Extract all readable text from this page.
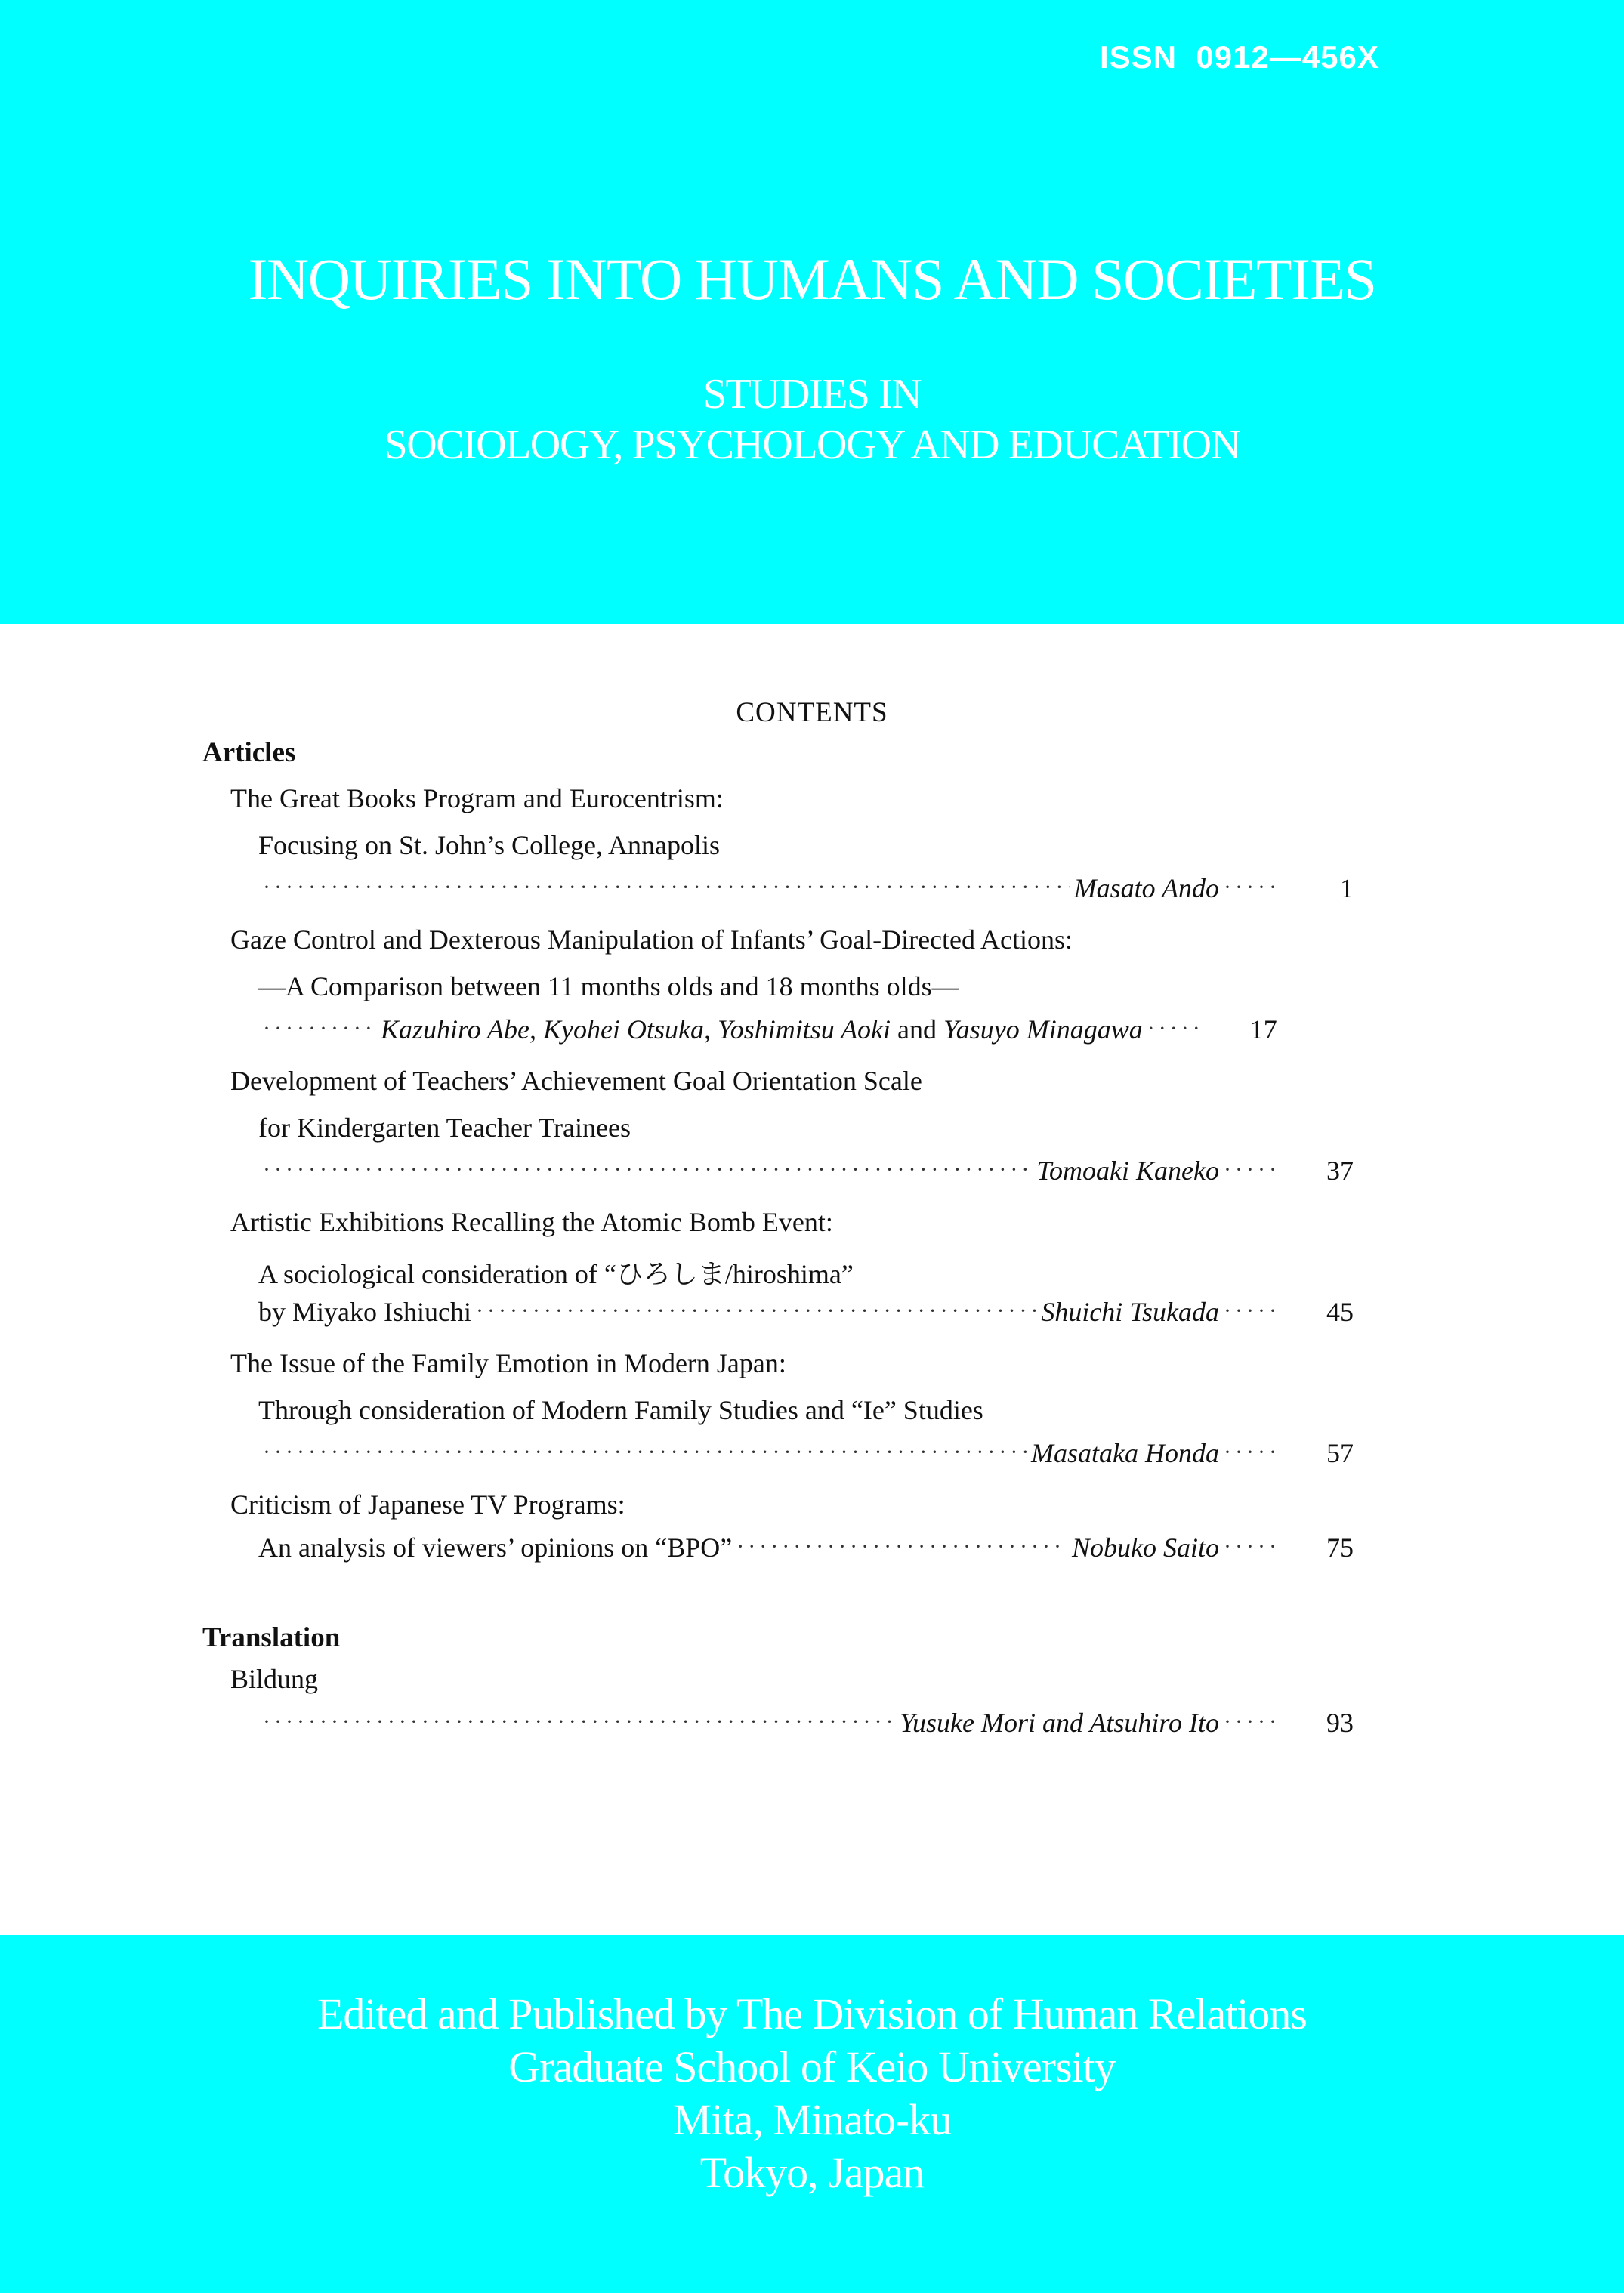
ISSN  0912―456X
INQUIRIES INTO HUMANS AND SOCIETIES
STUDIES IN
SOCIOLOGY, PSYCHOLOGY AND EDUCATION
CONTENTS
Articles
The Great Books Program and Eurocentrism:
Focusing on St. John’s College, Annapolis
·····
Masato Ando ·····	1
Gaze Control and Dexterous Manipulation of Infants’ Goal-Directed Actions:
―A Comparison between 11 months olds and 18 months olds―
·····
Kazuhiro Abe, Kyohei Otsuka, Yoshimitsu Aoki and Yasuyo Minagawa ·····	17
Development of Teachers’ Achievement Goal Orientation Scale
for Kindergarten Teacher Trainees
·····
Tomoaki Kaneko ·····	37
Artistic Exhibitions Recalling the Atomic Bomb Event:
A sociological consideration of “ひろしま/hiroshima”
by Miyako Ishiuchi ·····	Shuichi Tsukada ·····	45
The Issue of the Family Emotion in Modern Japan:
Through consideration of Modern Family Studies and “Ie” Studies
·····
Masataka Honda ·····	57
Criticism of Japanese TV Programs:
An analysis of viewers’ opinions on “BPO” ·····	Nobuko Saito ·····	75
Translation
Bildung
·····
Yusuke Mori and Atsuhiro Ito ·····	93
Edited and Published by The Division of Human Relations
Graduate School of Keio University
Mita, Minato-ku
Tokyo, Japan
